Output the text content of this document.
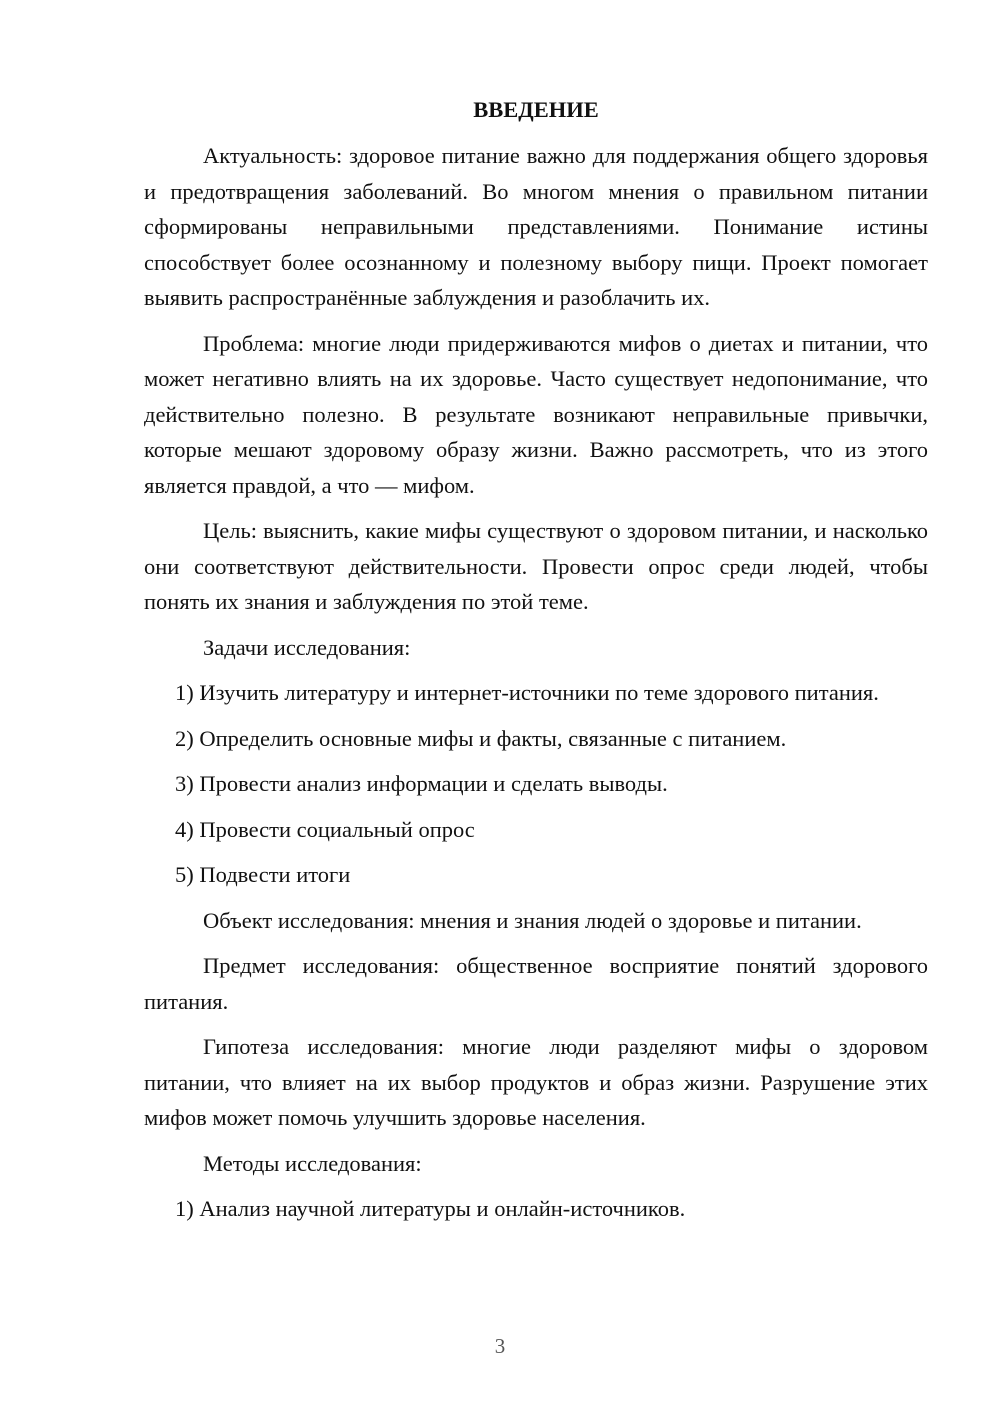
ВВЕДЕНИЕ

Актуальность: здоровое питание важно для поддержания общего здоровья и предотвращения заболеваний. Во многом мнения о правильном питании сформированы неправильными представлениями. Понимание истины способствует более осознанному и полезному выбору пищи. Проект помогает выявить распространённые заблуждения и разоблачить их.

Проблема: многие люди придерживаются мифов о диетах и питании, что может негативно влиять на их здоровье. Часто существует недопонимание, что действительно полезно. В результате возникают неправильные привычки, которые мешают здоровому образу жизни. Важно рассмотреть, что из этого является правдой, а что — мифом.

Цель: выяснить, какие мифы существуют о здоровом питании, и насколько они соответствуют действительности. Провести опрос среди людей, чтобы понять их знания и заблуждения по этой теме.

Задачи исследования:

1) Изучить литературу и интернет-источники по теме здорового питания.

2) Определить основные мифы и факты, связанные с питанием.

3) Провести анализ информации и сделать выводы.

4) Провести социальный опрос

5) Подвести итоги

Объект исследования: мнения и знания людей о здоровье и питании.

Предмет исследования: общественное восприятие понятий здорового питания.

Гипотеза исследования: многие люди разделяют мифы о здоровом питании, что влияет на их выбор продуктов и образ жизни. Разрушение этих мифов может помочь улучшить здоровье населения.

Методы исследования:

1) Анализ научной литературы и онлайн-источников.

3
